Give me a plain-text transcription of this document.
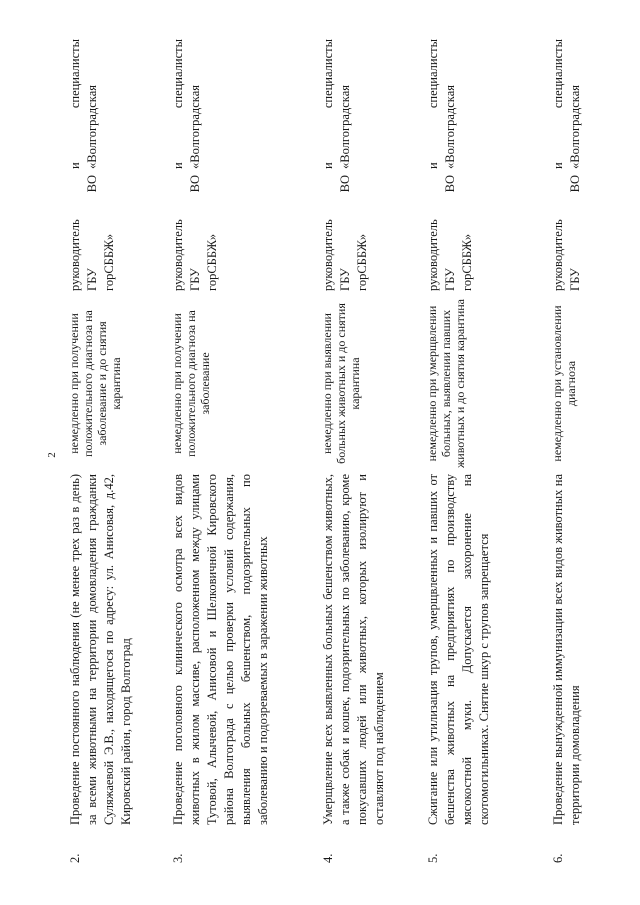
2
2.
Проведение постоянного наблюдения (не менее трех раз в день) за всеми животными на территории домовладения гражданки Суляжаевой Э.В., находящегося по адресу: ул. Анисовая, д.42, Кировский район, город Волгоград
немедленно при получении положительного диагноза на заболевание и до снятия карантина
руководитель ГБУ
ВО
горСББЖ»
и
специалисты
«Волгоградская
3.
Проведение поголовного клинического осмотра всех видов животных в жилом массиве, расположенном между улицами Тутовой, Алычевой, Анисовой и Шелковичной Кировского района Волгограда с целью проверки условий содержания, выявления больных бешенством, подозрительных по заболеванию и подозреваемых в заражении животных
немедленно при получении положительного диагноза на заболевание
руководитель ГБУ
ВО
горСББЖ»
и
специалисты
«Волгоградская
4.
Умерщвление всех выявленных больных бешенством животных, а также собак и кошек, подозрительных по заболеванию, кроме покусавших людей или животных, которых изолируют и оставляют под наблюдением
немедленно при выявлении больных животных и до снятия карантина
руководитель ГБУ
ВО
горСББЖ»
и
специалисты
«Волгоградская
5.
Сжигание или утилизация трупов, умерщвленных и павших от бешенства животных на предприятиях по производству мясокостной муки. Допускается захоронение на скотомогильниках. Снятие шкур с трупов запрещается
немедленно при умерщвлении больных, выявлении павших животных и до снятия карантина
руководитель ГБУ
ВО
горСББЖ»
и
специалисты
«Волгоградская
6.
Проведение вынужденной иммунизации всех видов животных на территории домовладения
немедленно при установлении диагноза
руководитель ГБУ
ВО
и
специалисты
«Волгоградская
